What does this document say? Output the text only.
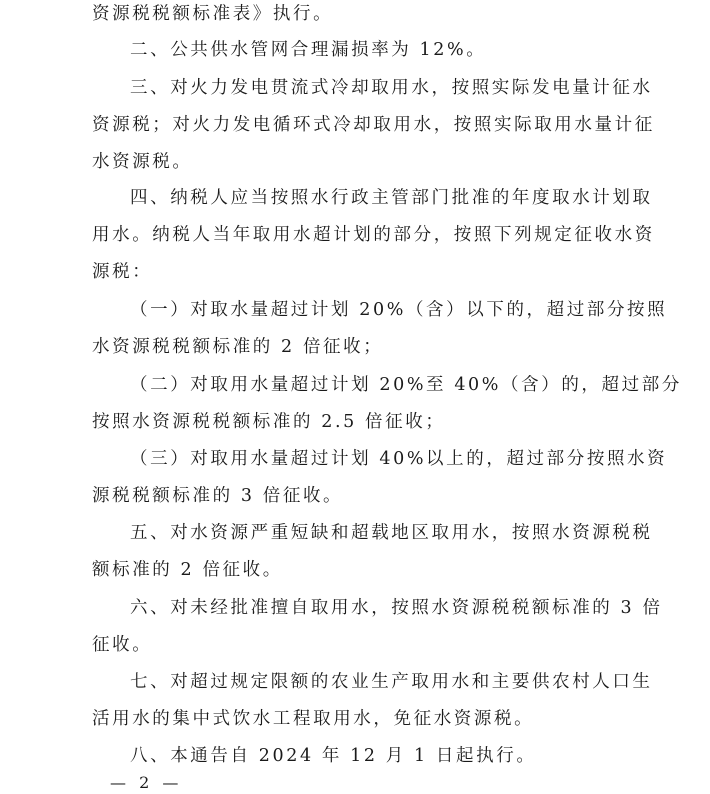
资源税税额标准表》执行。

二、公共供水管网合理漏损率为 12%。

三、对火力发电贯流式冷却取用水，按照实际发电量计征水

资源税；对火力发电循环式冷却取用水，按照实际取用水量计征
水资源税。

四、纳税人应当按照水行政主管部门批准的年度取水计划取

用水。纳税人当年取用水超计划的部分，按照下列规定征收水资
源税：

（一）对取水量超过计划 20%（含）以下的，超过部分按照

水资源税税额标准的 2 倍征收；

（二）对取用水量超过计划 20%至 40%（含）的，超过部分

按照水资源税税额标准的 2.5 倍征收；

（三）对取用水量超过计划 40%以上的，超过部分按照水资

源税税额标准的 3 倍征收。

五、对水资源严重短缺和超载地区取用水，按照水资源税税

额标准的 2 倍征收。

六、对未经批准擅自取用水，按照水资源税税额标准的 3 倍

征收。

七、对超过规定限额的农业生产取用水和主要供农村人口生

活用水的集中式饮水工程取用水，免征水资源税。

八、本通告自 2024 年 12 月 1 日起执行。

— 2 —
